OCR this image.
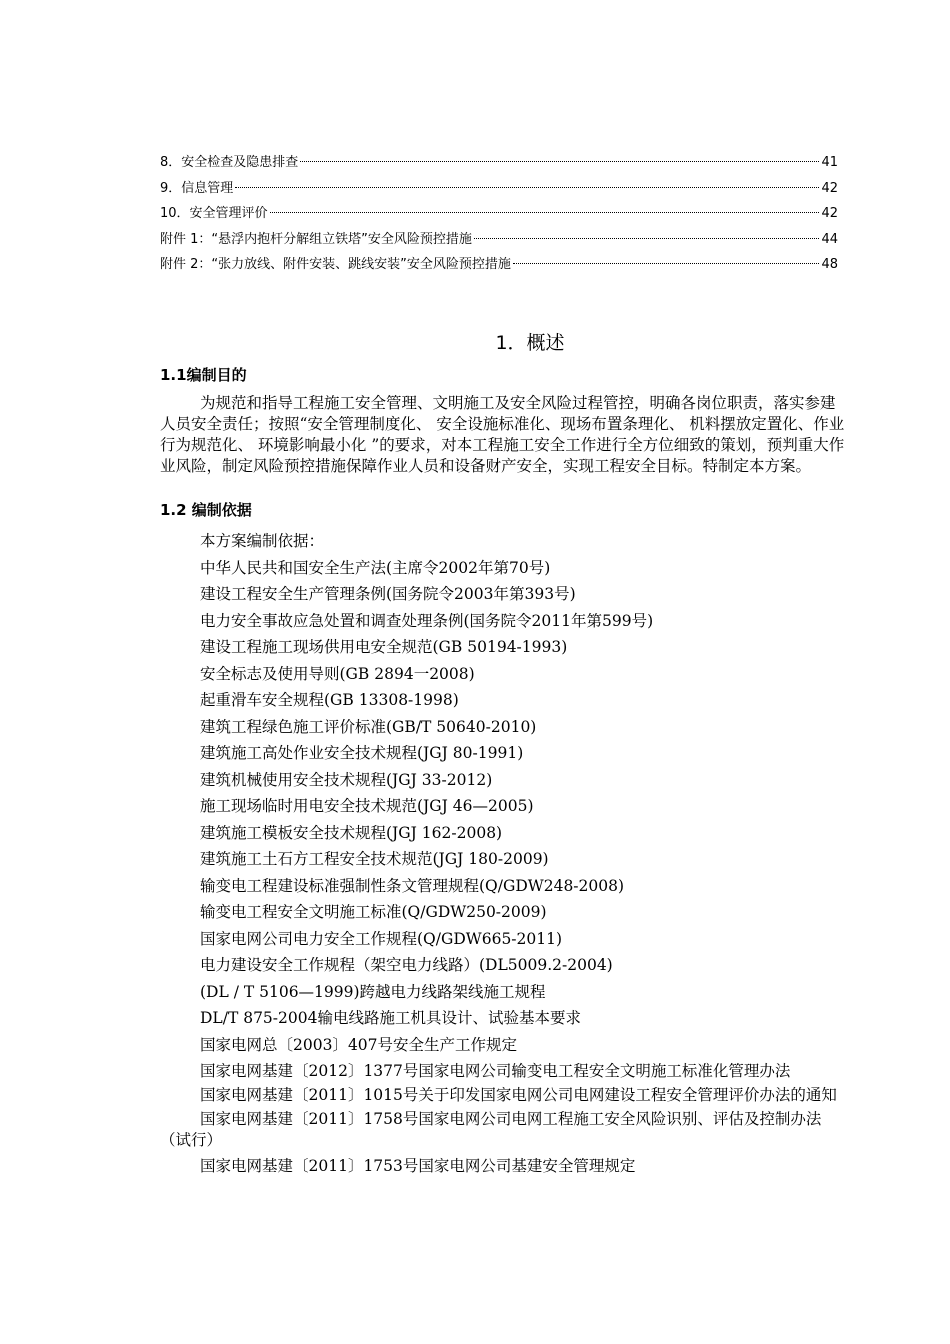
8．安全检查及隐患排查	41
9．信息管理	42
10．安全管理评价	42
附件 1：“悬浮内抱杆分解组立铁塔”安全风险预控措施	44
附件 2：“张力放线、附件安装、跳线安装”安全风险预控措施	48
1．概述
1.1编制目的
为规范和指导工程施工安全管理、文明施工及安全风险过程管控，明确各岗位职责，落实参建人员安全责任；按照“安全管理制度化、 安全设施标准化、现场布置条理化、 机料摆放定置化、作业行为规范化、 环境影响最小化 ”的要求，对本工程施工安全工作进行全方位细致的策划，预判重大作业风险，制定风险预控措施保障作业人员和设备财产安全，实现工程安全目标。特制定本方案。
1.2 编制依据
本方案编制依据：
中华人民共和国安全生产法(主席令2002年第70号)
建设工程安全生产管理条例(国务院令2003年第393号)
电力安全事故应急处置和调查处理条例(国务院令2011年第599号)
建设工程施工现场供用电安全规范(GB 50194-1993)
安全标志及使用导则(GB 2894一2008)
起重滑车安全规程(GB 13308-1998)
建筑工程绿色施工评价标准(GB/T 50640-2010)
建筑施工高处作业安全技术规程(JGJ 80-1991)
建筑机械使用安全技术规程(JGJ 33-2012)
施工现场临时用电安全技术规范(JGJ 46—2005)
建筑施工模板安全技术规程(JGJ 162-2008)
建筑施工土石方工程安全技术规范(JGJ 180-2009)
输变电工程建设标准强制性条文管理规程(Q/GDW248-2008)
输变电工程安全文明施工标准(Q/GDW250-2009)
国家电网公司电力安全工作规程(Q/GDW665-2011)
电力建设安全工作规程（架空电力线路）(DL5009.2-2004)
(DL / T 5106—1999)跨越电力线路架线施工规程
DL/T 875-2004输电线路施工机具设计、试验基本要求
国家电网总〔2003〕407号安全生产工作规定
国家电网基建〔2012〕1377号国家电网公司输变电工程安全文明施工标准化管理办法
国家电网基建〔2011〕1015号关于印发国家电网公司电网建设工程安全管理评价办法的通知
国家电网基建〔2011〕1758号国家电网公司电网工程施工安全风险识别、评估及控制办法（试行）
国家电网基建〔2011〕1753号国家电网公司基建安全管理规定
